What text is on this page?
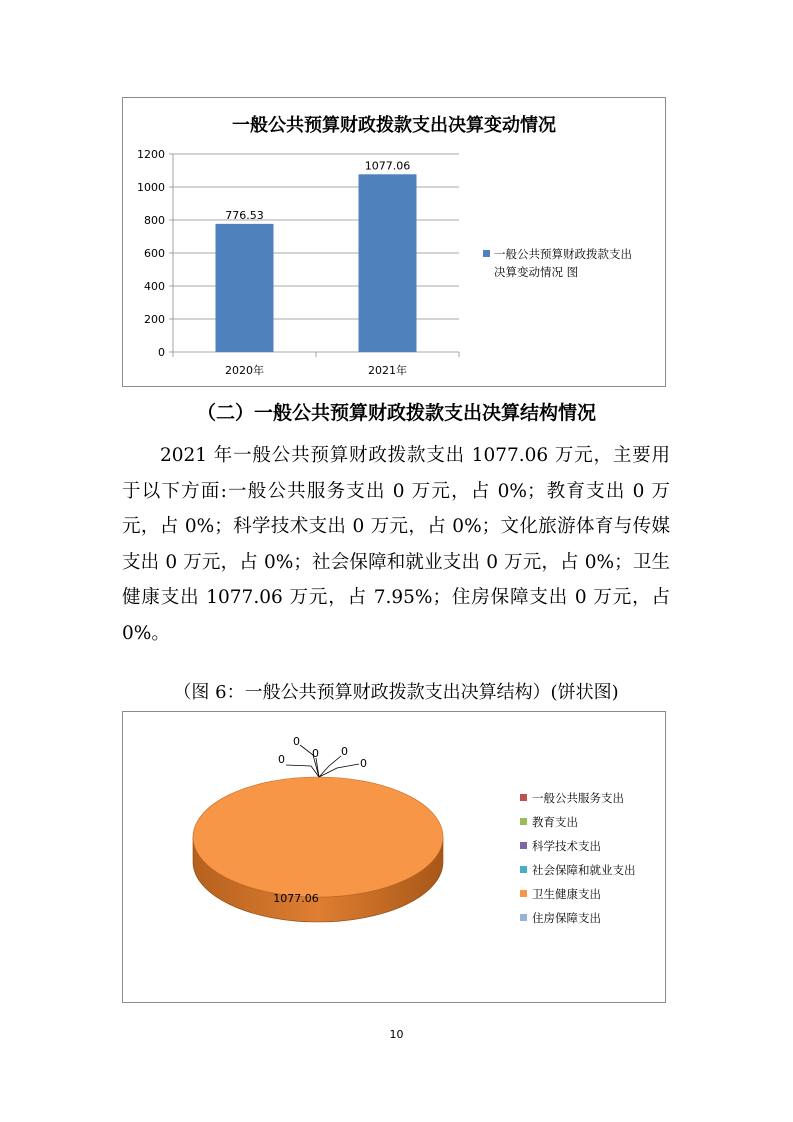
一般公共预算财政拨款支出决算变动情况
0
200
400
600
800
1000
1200
776.53
1077.06
2020年	2021年
一般公共预算财政拨款支出
决算变动情况 图
（二）一般公共预算财政拨款支出决算结构情况
2021 年一般公共预算财政拨款支出 1077.06 万元，主要用于以下方面:一般公共服务支出 0 万元，占 0%；教育支出 0 万元，占 0%；科学技术支出 0 万元，占 0%；文化旅游体育与传媒支出 0 万元，占 0%；社会保障和就业支出 0 万元，占 0%；卫生健康支出 1077.06 万元，占 7.95%；住房保障支出 0 万元，占 0%。
（图 6：一般公共预算财政拨款支出决算结构）(饼状图)
1077.06
0
0
0 0
0
一般公共服务支出
教育支出
科学技术支出
社会保障和就业支出
卫生健康支出
住房保障支出
10
